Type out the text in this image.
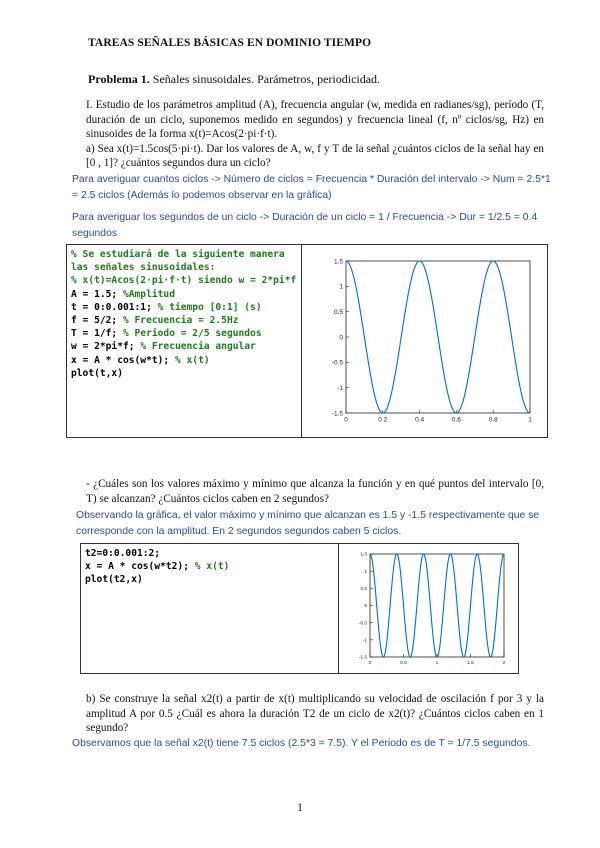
TAREAS SEÑALES BÁSICAS EN DOMINIO TIEMPO
Problema 1. Señales sinusoidales. Parámetros, periodicidad.
I. Estudio de los parámetros amplitud (A), frecuencia angular (w, medida en radianes/sg), período (T, duración de un ciclo, suponemos medido en segundos) y frecuencia lineal (f, nº ciclos/sg, Hz) en sinusoides de la forma x(t)=Acos(2·pi·f·t).
a) Sea x(t)=1.5cos(5·pi·t). Dar los valores de A, w, f y T de la señal ¿cuántos ciclos de la señal hay en [0 , 1]? ¿cuántos segundos dura un ciclo?
Para averiguar cuantos ciclos -> Número de ciclos = Frecuencia * Duración del intervalo -> Num = 2.5*1 = 2.5 ciclos (Además lo podemos observar en la gráfica)
Para averiguar los segundos de un ciclo -> Duración de un ciclo = 1 / Frecuencia -> Dur = 1/2.5 = 0.4 segundos
% Se estudiará de la siguiente manera las señales sinusoidales:
% x(t)=Acos(2·pi·f·t) siendo w = 2*pi*f
A = 1.5; %Amplitud
t = 0:0.001:1; % tiempo [0:1] (s)
f = 5/2; % Frecuencia = 2.5Hz
T = 1/f; % Periodo = 2/5 segundos
w = 2*pi*f; % Frecuencia angular
x = A * cos(w*t); % x(t)
plot(t,x)
1.5
1
0.5
0
-0.5
-1
-1.5
0	0.2	0.4	0.6	0.8	1
- ¿Cuáles son los valores máximo y mínimo que alcanza la función y en qué puntos del intervalo [0, T) se alcanzan? ¿Cuántos ciclos caben en 2 segundos?
Observando la gráfica, el valor máximo y mínimo que alcanzan es 1.5 y -1.5 respectivamente que se corresponde con la amplitud. En 2 segundos segundos caben 5 ciclos.
t2=0:0.001:2;
x = A * cos(w*t2); % x(t)
plot(t2,x)
1.5
1
0.5
0
-0.5
-1
-1.5
0	0.5	1	1.5	2
b) Se construye la señal x2(t) a partir de x(t) multiplicando su velocidad de oscilación f por 3 y la amplitud A por 0.5 ¿Cuál es ahora la duración T2 de un ciclo de x2(t)? ¿Cuántos ciclos caben en 1 segundo?
Observamos que la señal x2(t) tiene 7.5 ciclos (2.5*3 = 7.5). Y el Periodo es de T = 1/7.5 segundos.
1
